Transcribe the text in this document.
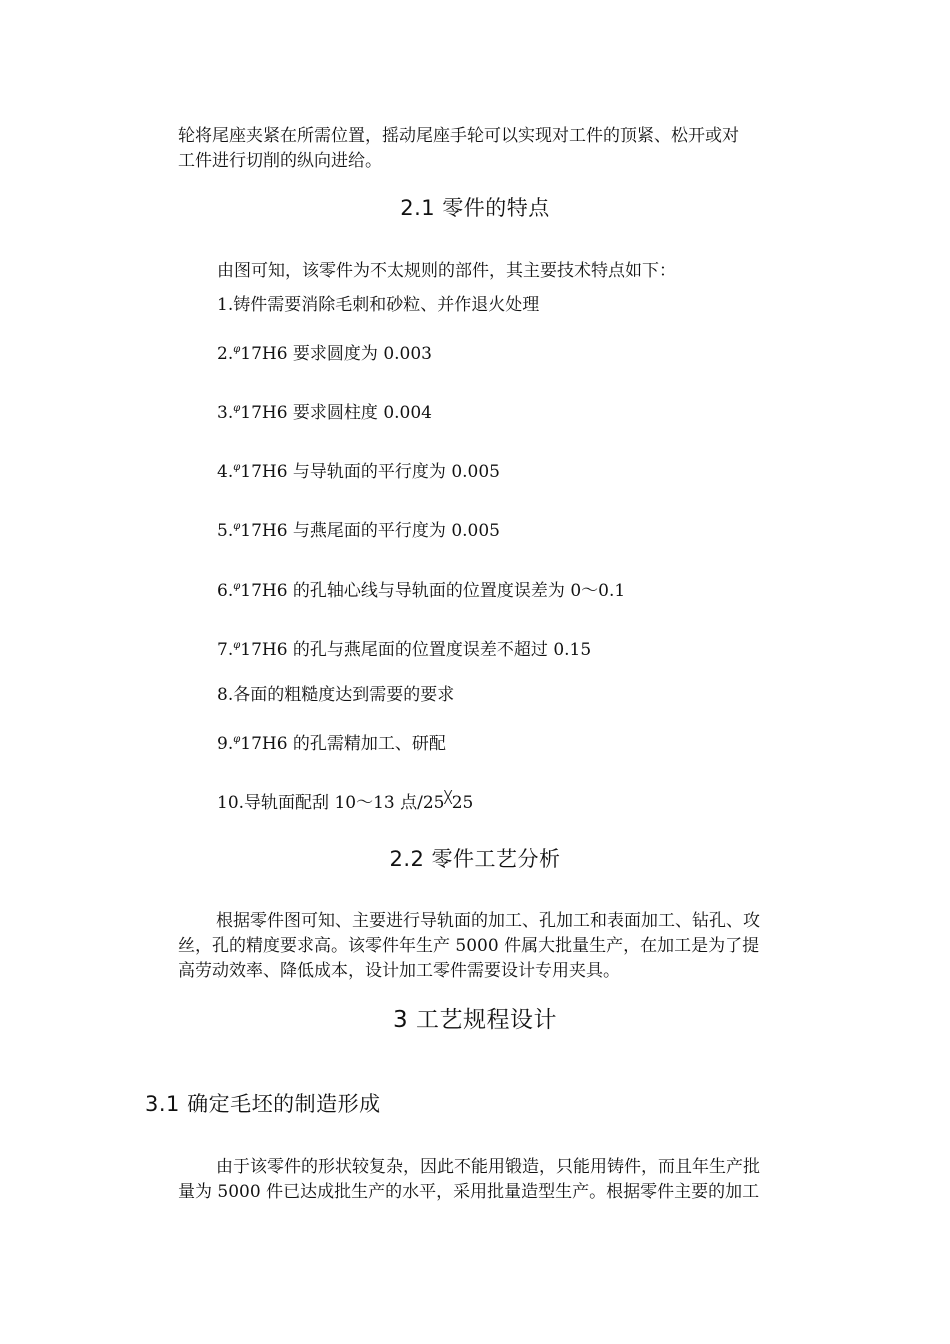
轮将尾座夹紧在所需位置，摇动尾座手轮可以实现对工件的顶紧、松开或对
工件进行切削的纵向进给。
2.1 零件的特点
由图可知，该零件为不太规则的部件，其主要技术特点如下：
1.铸件需要消除毛刺和砂粒、并作退火处理
2.$^\varphi$17H6 要求圆度为 0.003
3.$^\varphi$17H6 要求圆柱度 0.004
4.$^\varphi$17H6 与导轨面的平行度为 0.005
5.$^\varphi$17H6 与燕尾面的平行度为 0.005
6.$^\varphi$17H6 的孔轴心线与导轨面的位置度误差为 0～0.1
7.$^\varphi$17H6 的孔与燕尾面的位置度误差不超过 0.15
8.各面的粗糙度达到需要的要求
9.$^\varphi$17H6 的孔需精加工、研配
10.导轨面配刮 10～13 点/25╳25
2.2 零件工艺分析
根据零件图可知、主要进行导轨面的加工、孔加工和表面加工、钻孔、攻
丝，孔的精度要求高。该零件年生产 5000 件属大批量生产，在加工是为了提
高劳动效率、降低成本，设计加工零件需要设计专用夹具。
3 工艺规程设计
3.1 确定毛坯的制造形成
由于该零件的形状较复杂，因此不能用锻造，只能用铸件，而且年生产批
量为 5000 件已达成批生产的水平，采用批量造型生产。根据零件主要的加工
